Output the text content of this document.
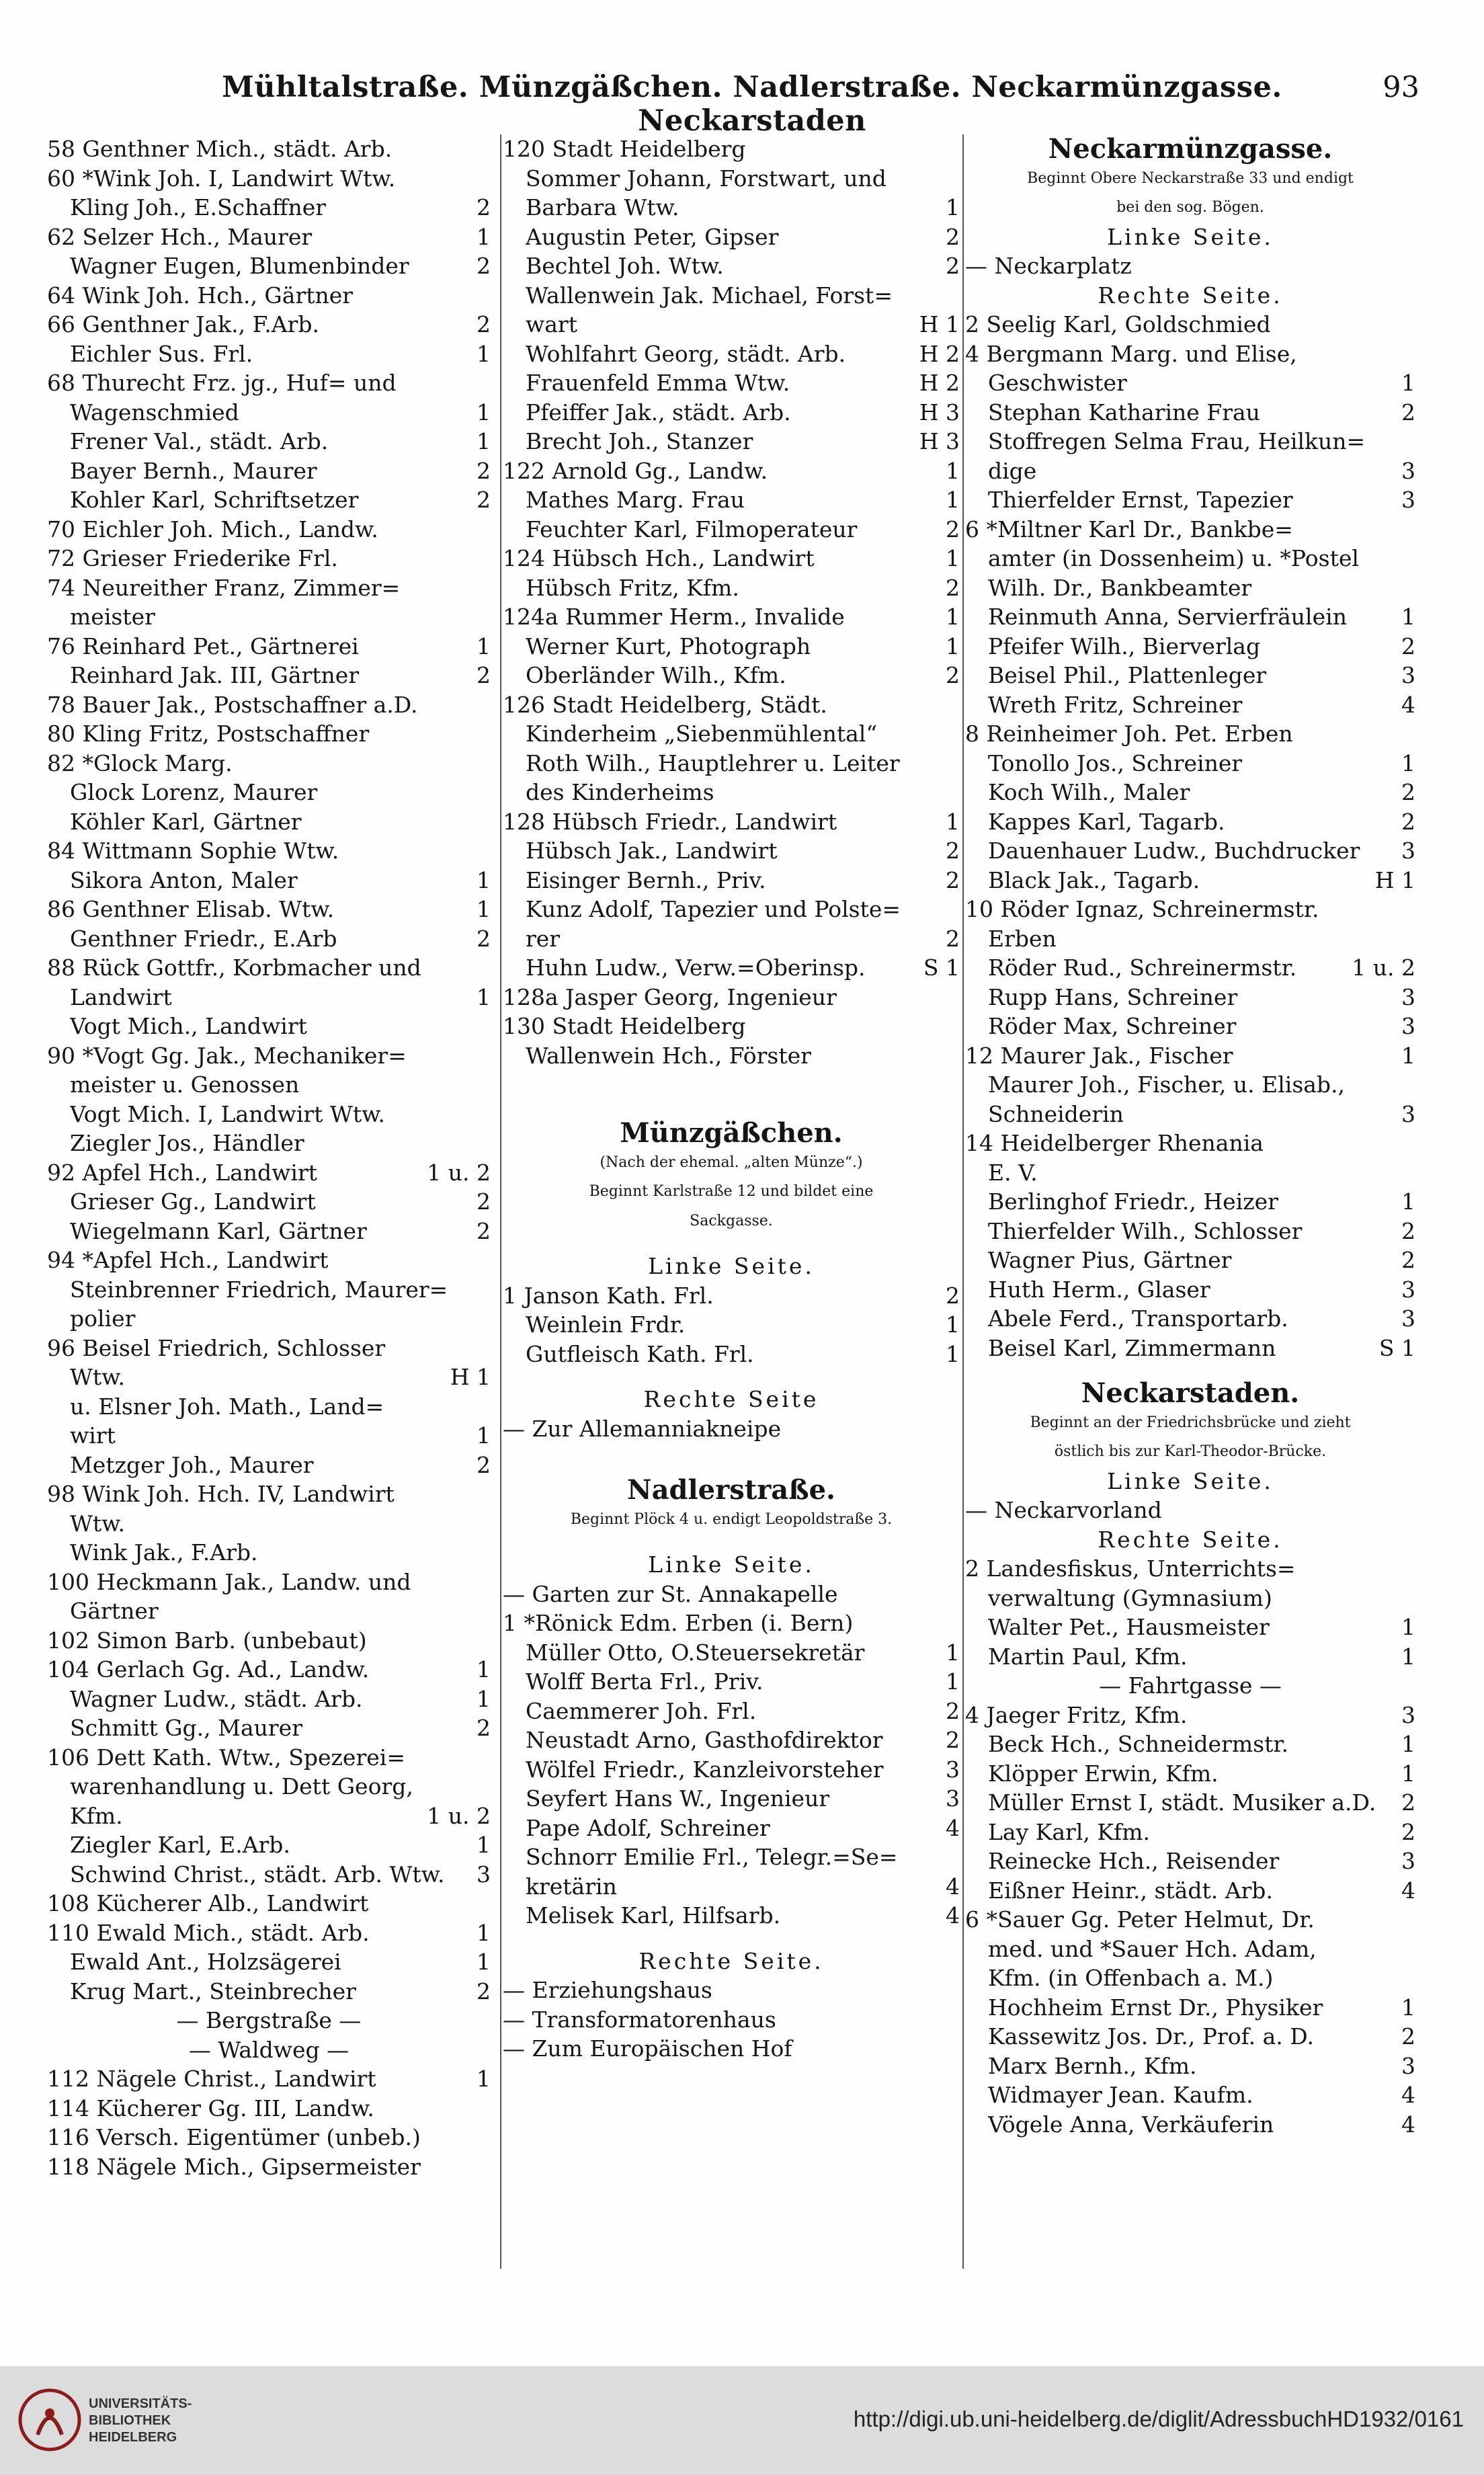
Mühltalstraße. Münzgäßchen. Nadlerstraße. Neckarmünzgasse. Neckarstaden
93
58 Genthner Mich., städt. Arb.
60 *Wink Joh. I, Landwirt Wtw.
Kling Joh., E.Schaffner	2
62 Selzer Hch., Maurer	1
Wagner Eugen, Blumenbinder	2
64 Wink Joh. Hch., Gärtner
66 Genthner Jak., F.Arb.	2
Eichler Sus. Frl.	1
68 Thurecht Frz. jg., Huf= und
Wagenschmied	1
Frener Val., städt. Arb.	1
Bayer Bernh., Maurer	2
Kohler Karl, Schriftsetzer	2
70 Eichler Joh. Mich., Landw.
72 Grieser Friederike Frl.
74 Neureither Franz, Zimmer=
meister
76 Reinhard Pet., Gärtnerei	1
Reinhard Jak. III, Gärtner	2
78 Bauer Jak., Postschaffner a.D.
80 Kling Fritz, Postschaffner
82 *Glock Marg.
Glock Lorenz, Maurer
Köhler Karl, Gärtner
84 Wittmann Sophie Wtw.
Sikora Anton, Maler	1
86 Genthner Elisab. Wtw.	1
Genthner Friedr., E.Arb	2
88 Rück Gottfr., Korbmacher und
Landwirt	1
Vogt Mich., Landwirt
90 *Vogt Gg. Jak., Mechaniker=
meister u. Genossen
Vogt Mich. I, Landwirt Wtw.
Ziegler Jos., Händler
92 Apfel Hch., Landwirt	1 u. 2
Grieser Gg., Landwirt	2
Wiegelmann Karl, Gärtner	2
94 *Apfel Hch., Landwirt
Steinbrenner Friedrich, Maurer=
polier
96 Beisel Friedrich, Schlosser
Wtw.	H 1
u. Elsner Joh. Math., Land=
wirt	1
Metzger Joh., Maurer	2
98 Wink Joh. Hch. IV, Landwirt
Wtw.
Wink Jak., F.Arb.
100 Heckmann Jak., Landw. und
Gärtner
102 Simon Barb. (unbebaut)
104 Gerlach Gg. Ad., Landw.	1
Wagner Ludw., städt. Arb.	1
Schmitt Gg., Maurer	2
106 Dett Kath. Wtw., Spezerei=
warenhandlung u. Dett Georg,
Kfm.	1 u. 2
Ziegler Karl, E.Arb.	1
Schwind Christ., städt. Arb. Wtw.	3
108 Kücherer Alb., Landwirt
110 Ewald Mich., städt. Arb.	1
Ewald Ant., Holzsägerei	1
Krug Mart., Steinbrecher	2
— Bergstraße —
— Waldweg —
112 Nägele Christ., Landwirt	1
114 Kücherer Gg. III, Landw.
116 Versch. Eigentümer (unbeb.)
118 Nägele Mich., Gipsermeister
120 Stadt Heidelberg
Sommer Johann, Forstwart, und
Barbara Wtw.	1
Augustin Peter, Gipser	2
Bechtel Joh. Wtw.	2
Wallenwein Jak. Michael, Forst=
wart	H 1
Wohlfahrt Georg, städt. Arb.	H 2
Frauenfeld Emma Wtw.	H 2
Pfeiffer Jak., städt. Arb.	H 3
Brecht Joh., Stanzer	H 3
122 Arnold Gg., Landw.	1
Mathes Marg. Frau	1
Feuchter Karl, Filmoperateur	2
124 Hübsch Hch., Landwirt	1
Hübsch Fritz, Kfm.	2
124a Rummer Herm., Invalide	1
Werner Kurt, Photograph	1
Oberländer Wilh., Kfm.	2
126 Stadt Heidelberg, Städt.
Kinderheim „Siebenmühlental“
Roth Wilh., Hauptlehrer u. Leiter
des Kinderheims
128 Hübsch Friedr., Landwirt	1
Hübsch Jak., Landwirt	2
Eisinger Bernh., Priv.	2
Kunz Adolf, Tapezier und Polste=
rer	2
Huhn Ludw., Verw.=Oberinsp.	S 1
128a Jasper Georg, Ingenieur
130 Stadt Heidelberg
Wallenwein Hch., Förster
Münzgäßchen.
(Nach der ehemal. „alten Münze“.)
Beginnt Karlstraße 12 und bildet eine
Sackgasse.
Linke Seite.
1 Janson Kath. Frl.	2
Weinlein Frdr.	1
Gutfleisch Kath. Frl.	1
Rechte Seite
— Zur Allemanniakneipe
Nadlerstraße.
Beginnt Plöck 4 u. endigt Leopoldstraße 3.
Linke Seite.
— Garten zur St. Annakapelle
1 *Rönick Edm. Erben (i. Bern)
Müller Otto, O.Steuersekretär	1
Wolff Berta Frl., Priv.	1
Caemmerer Joh. Frl.	2
Neustadt Arno, Gasthofdirektor	2
Wölfel Friedr., Kanzleivorsteher	3
Seyfert Hans W., Ingenieur	3
Pape Adolf, Schreiner	4
Schnorr Emilie Frl., Telegr.=Se=
kretärin	4
Melisek Karl, Hilfsarb.	4
Rechte Seite.
— Erziehungshaus
— Transformatorenhaus
— Zum Europäischen Hof
Neckarmünzgasse.
Beginnt Obere Neckarstraße 33 und endigt
bei den sog. Bögen.
Linke Seite.
— Neckarplatz
Rechte Seite.
2 Seelig Karl, Goldschmied
4 Bergmann Marg. und Elise,
Geschwister	1
Stephan Katharine Frau	2
Stoffregen Selma Frau, Heilkun=
dige	3
Thierfelder Ernst, Tapezier	3
6 *Miltner Karl Dr., Bankbe=
amter (in Dossenheim) u. *Postel
Wilh. Dr., Bankbeamter
Reinmuth Anna, Servierfräulein	1
Pfeifer Wilh., Bierverlag	2
Beisel Phil., Plattenleger	3
Wreth Fritz, Schreiner	4
8 Reinheimer Joh. Pet. Erben
Tonollo Jos., Schreiner	1
Koch Wilh., Maler	2
Kappes Karl, Tagarb.	2
Dauenhauer Ludw., Buchdrucker	3
Black Jak., Tagarb.	H 1
10 Röder Ignaz, Schreinermstr.
Erben
Röder Rud., Schreinermstr.	1 u. 2
Rupp Hans, Schreiner	3
Röder Max, Schreiner	3
12 Maurer Jak., Fischer	1
Maurer Joh., Fischer, u. Elisab.,
Schneiderin	3
14 Heidelberger Rhenania
E. V.
Berlinghof Friedr., Heizer	1
Thierfelder Wilh., Schlosser	2
Wagner Pius, Gärtner	2
Huth Herm., Glaser	3
Abele Ferd., Transportarb.	3
Beisel Karl, Zimmermann	S 1
Neckarstaden.
Beginnt an der Friedrichsbrücke und zieht
östlich bis zur Karl-Theodor-Brücke.
Linke Seite.
— Neckarvorland
Rechte Seite.
2 Landesfiskus, Unterrichts=
verwaltung (Gymnasium)
Walter Pet., Hausmeister	1
Martin Paul, Kfm.	1
— Fahrtgasse —
4 Jaeger Fritz, Kfm.	3
Beck Hch., Schneidermstr.	1
Klöpper Erwin, Kfm.	1
Müller Ernst I, städt. Musiker a.D.	2
Lay Karl, Kfm.	2
Reinecke Hch., Reisender	3
Eißner Heinr., städt. Arb.	4
6 *Sauer Gg. Peter Helmut, Dr.
med. und *Sauer Hch. Adam,
Kfm. (in Offenbach a. M.)
Hochheim Ernst Dr., Physiker	1
Kassewitz Jos. Dr., Prof. a. D.	2
Marx Bernh., Kfm.	3
Widmayer Jean. Kaufm.	4
Vögele Anna, Verkäuferin	4
UNIVERSITÄTS-
BIBLIOTHEK
HEIDELBERG
http://digi.ub.uni-heidelberg.de/diglit/AdressbuchHD1932/0161
